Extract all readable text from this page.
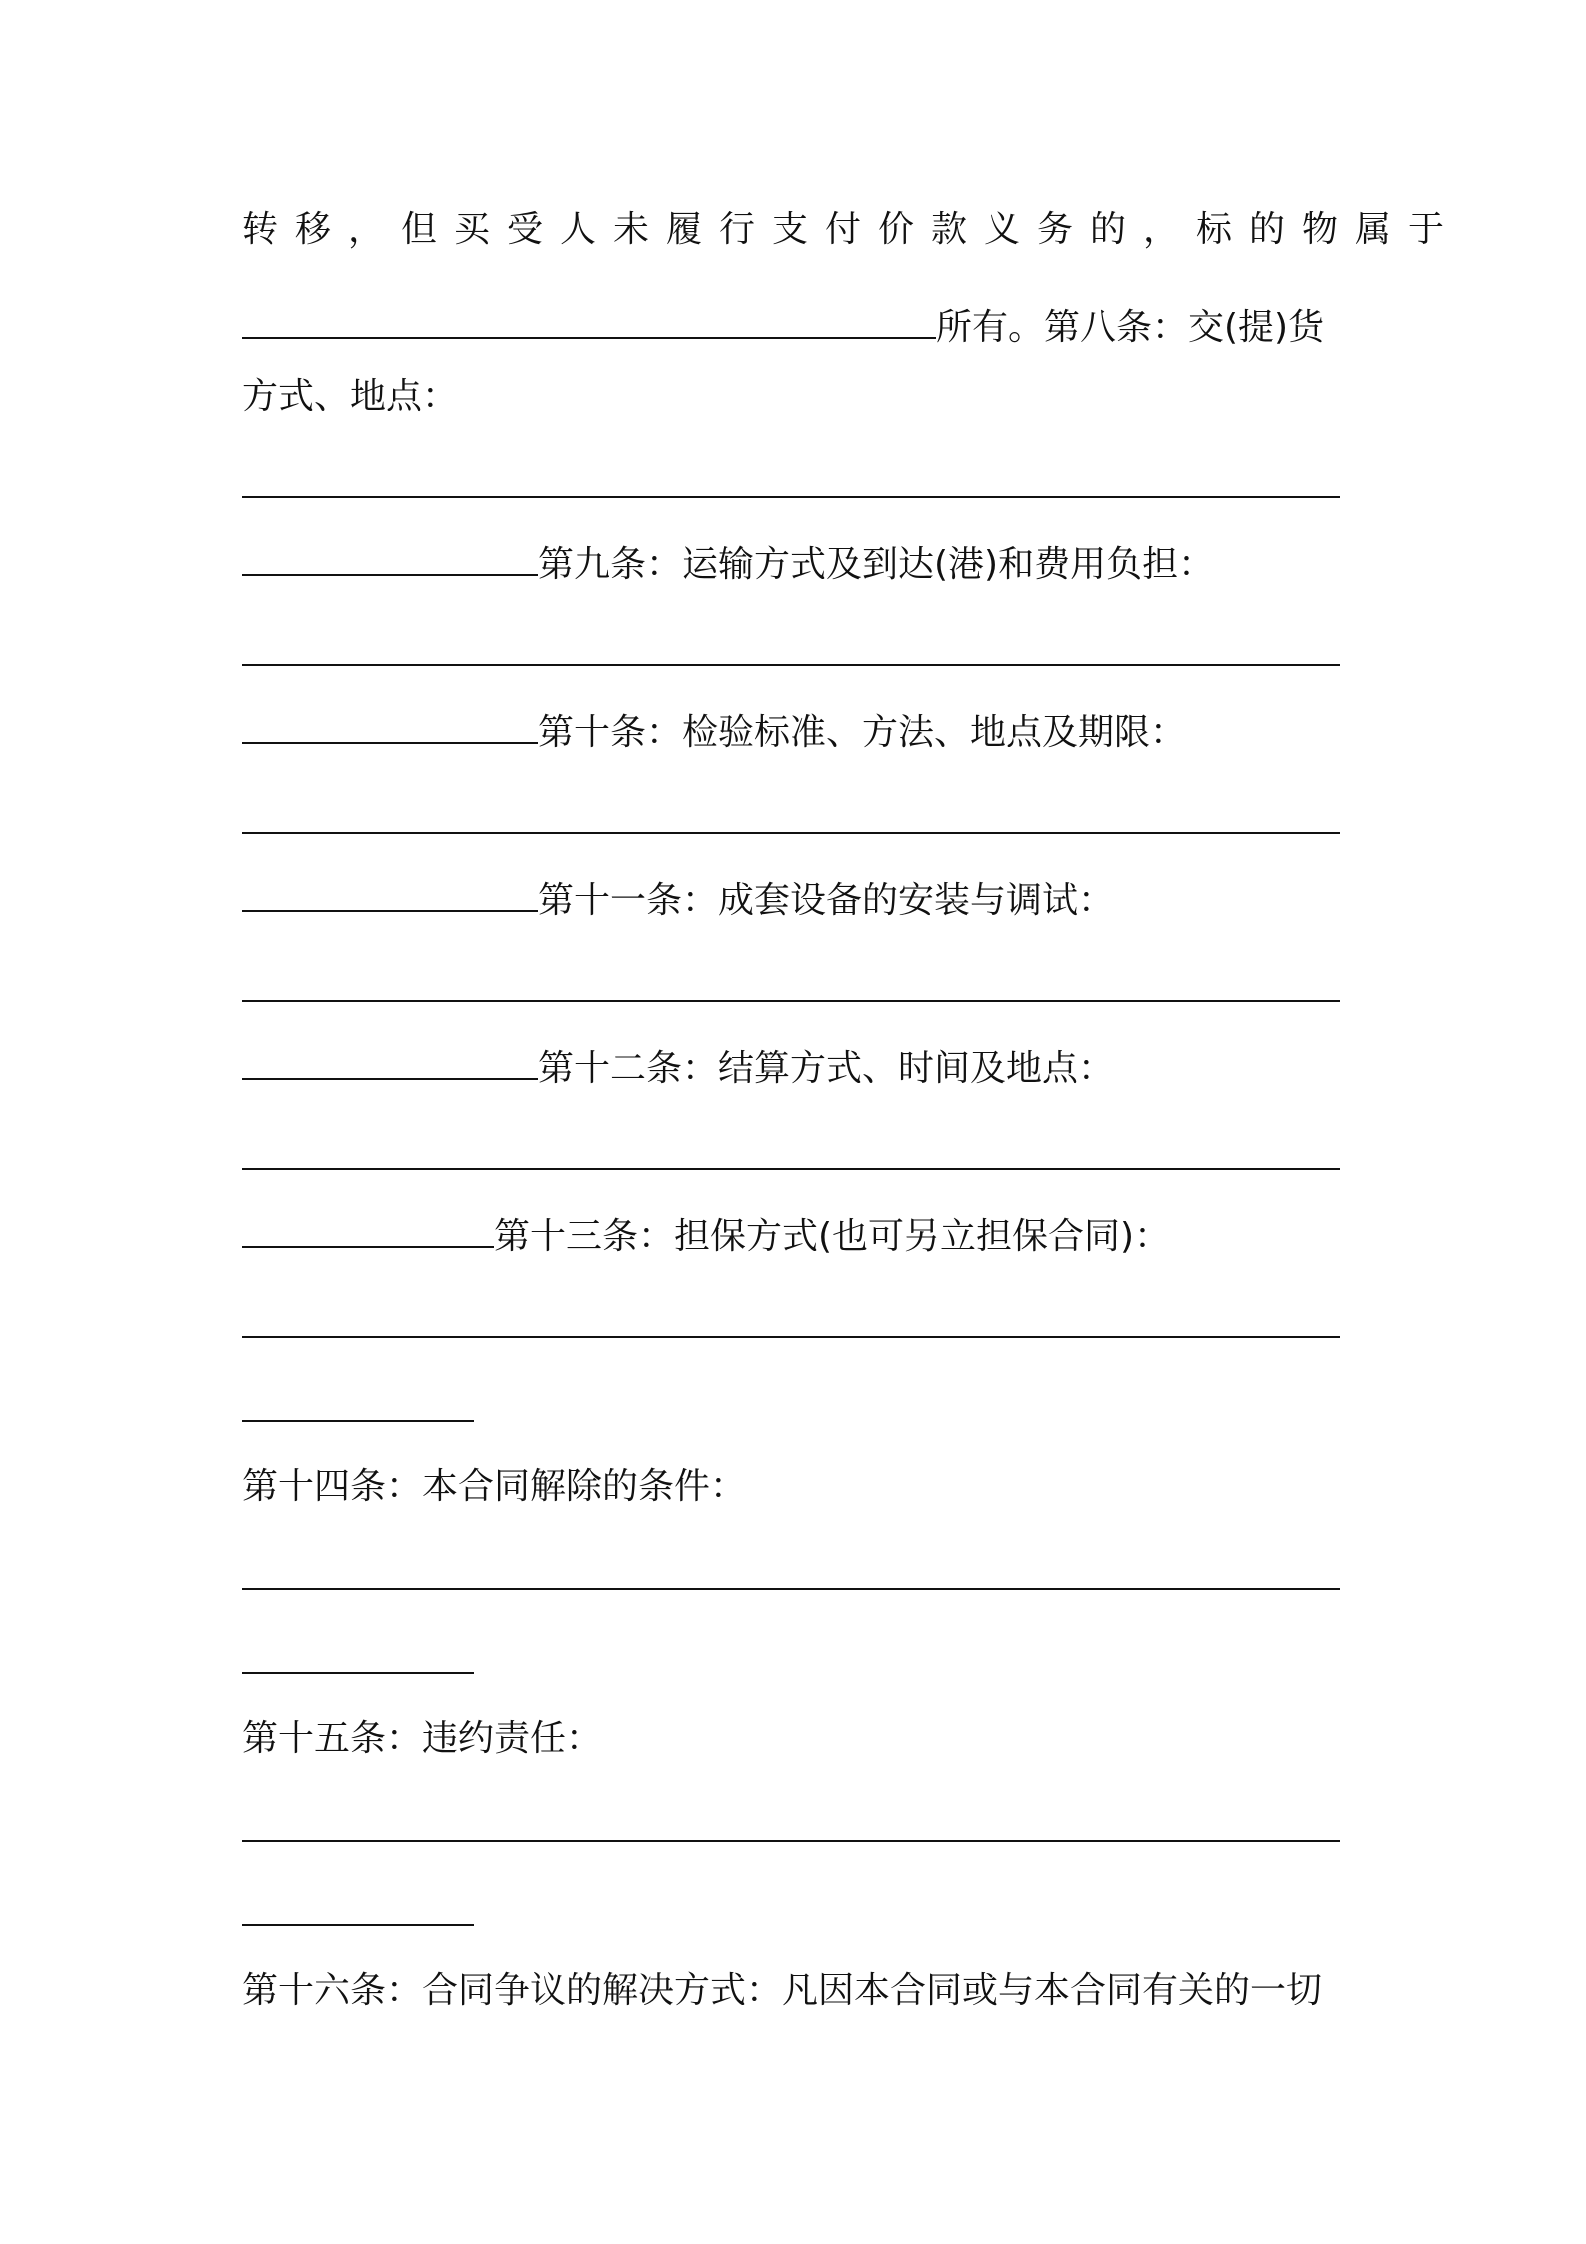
转移，但买受人未履行支付价款义务的，标的物属于
所有。第八条：交(提)货
方式、地点：
第九条：运输方式及到达(港)和费用负担：
第十条：检验标准、方法、地点及期限：
第十一条：成套设备的安装与调试：
第十二条：结算方式、时间及地点：
第十三条：担保方式(也可另立担保合同)：
第十四条：本合同解除的条件：
第十五条：违约责任：
第十六条：合同争议的解决方式：凡因本合同或与本合同有关的一切
